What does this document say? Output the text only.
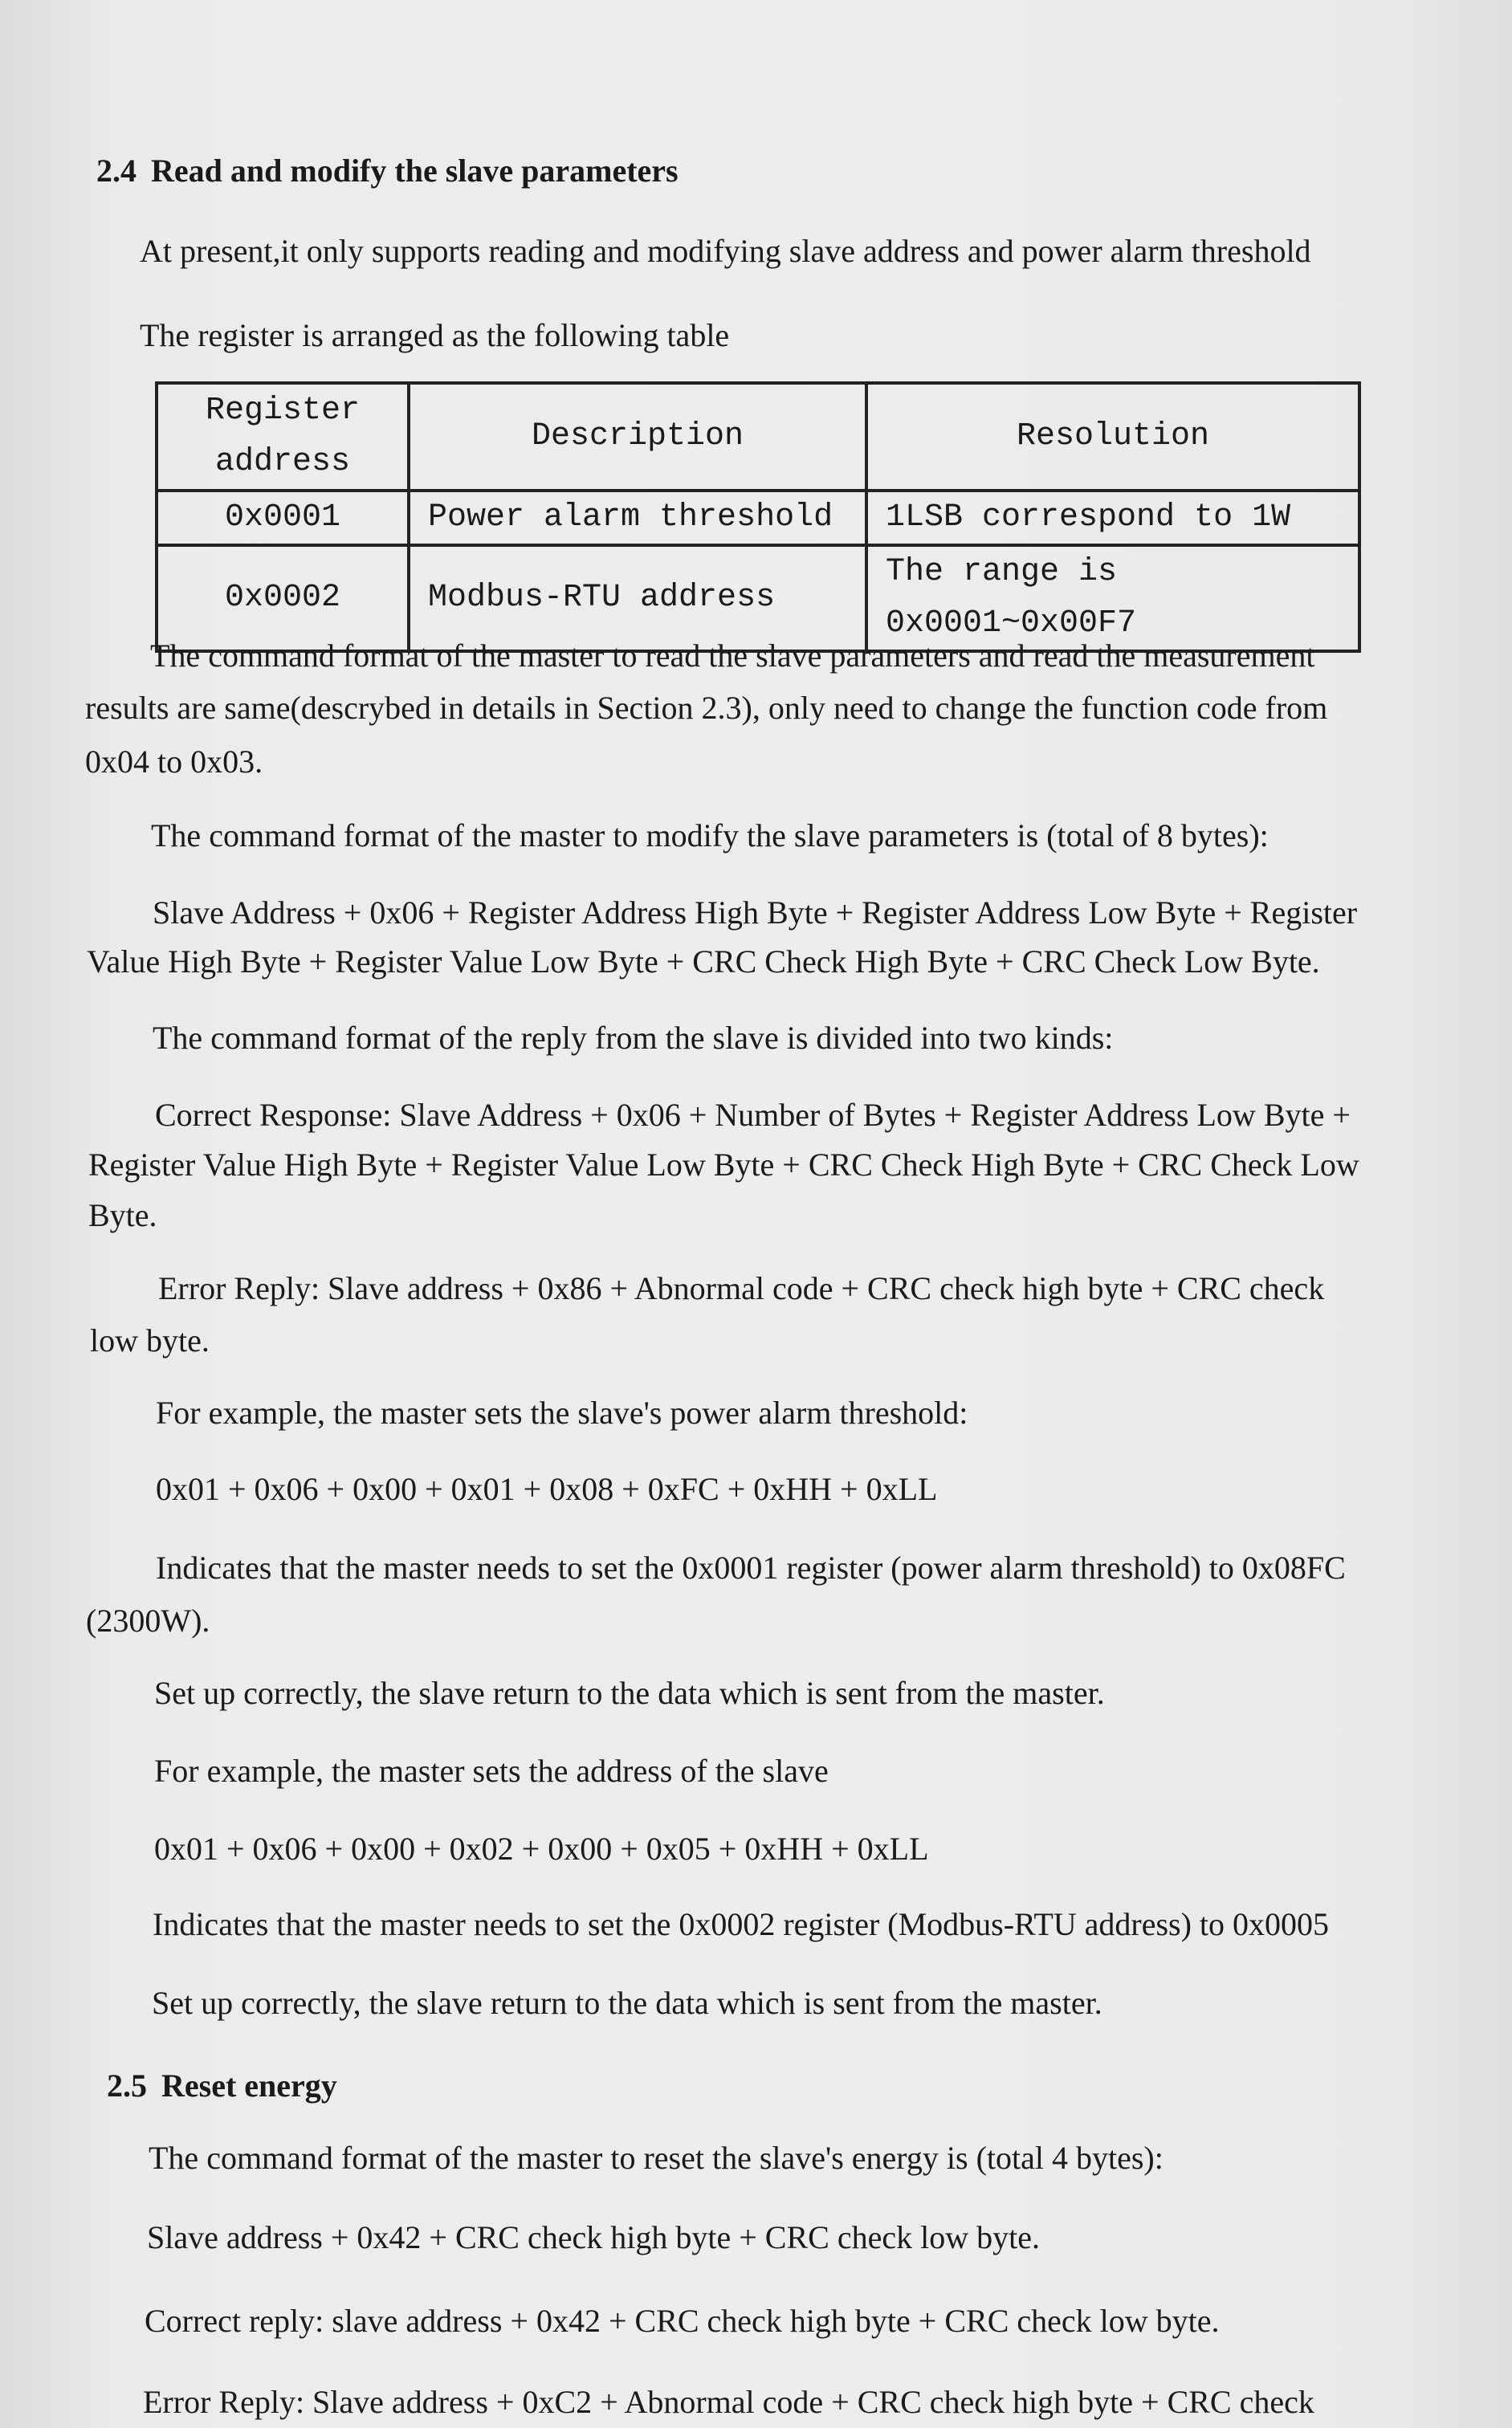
2.4 Read and modify the slave parameters
At present,it only supports reading and modifying slave address and power alarm threshold
The register is arranged as the following table
Register address	Description	Resolution
0x0001	Power alarm threshold	1LSB correspond to 1W
0x0002	Modbus-RTU address	The range is 0x0001~0x00F7
The command format of the master to read the slave parameters and read the measurement
results are same(descrybed in details in Section 2.3), only need to change the function code from
0x04 to 0x03.
The command format of the master to modify the slave parameters is (total of 8 bytes):
Slave Address + 0x06 + Register Address High Byte + Register Address Low Byte + Register
Value High Byte + Register Value Low Byte + CRC Check High Byte + CRC Check Low Byte.
The command format of the reply from the slave is divided into two kinds:
Correct Response: Slave Address + 0x06 + Number of Bytes + Register Address Low Byte +
Register Value High Byte + Register Value Low Byte + CRC Check High Byte + CRC Check Low
Byte.
Error Reply: Slave address + 0x86 + Abnormal code + CRC check high byte + CRC check
low byte.
For example, the master sets the slave's power alarm threshold:
0x01 + 0x06 + 0x00 + 0x01 + 0x08 + 0xFC + 0xHH + 0xLL
Indicates that the master needs to set the 0x0001 register (power alarm threshold) to 0x08FC
(2300W).
Set up correctly, the slave return to the data which is sent from the master.
For example, the master sets the address of the slave
0x01 + 0x06 + 0x00 + 0x02 + 0x00 + 0x05 + 0xHH + 0xLL
Indicates that the master needs to set the 0x0002 register (Modbus-RTU address) to 0x0005
Set up correctly, the slave return to the data which is sent from the master.
2.5 Reset energy
The command format of the master to reset the slave's energy is (total 4 bytes):
Slave address + 0x42 + CRC check high byte + CRC check low byte.
Correct reply: slave address + 0x42 + CRC check high byte + CRC check low byte.
Error Reply: Slave address + 0xC2 + Abnormal code + CRC check high byte + CRC check
